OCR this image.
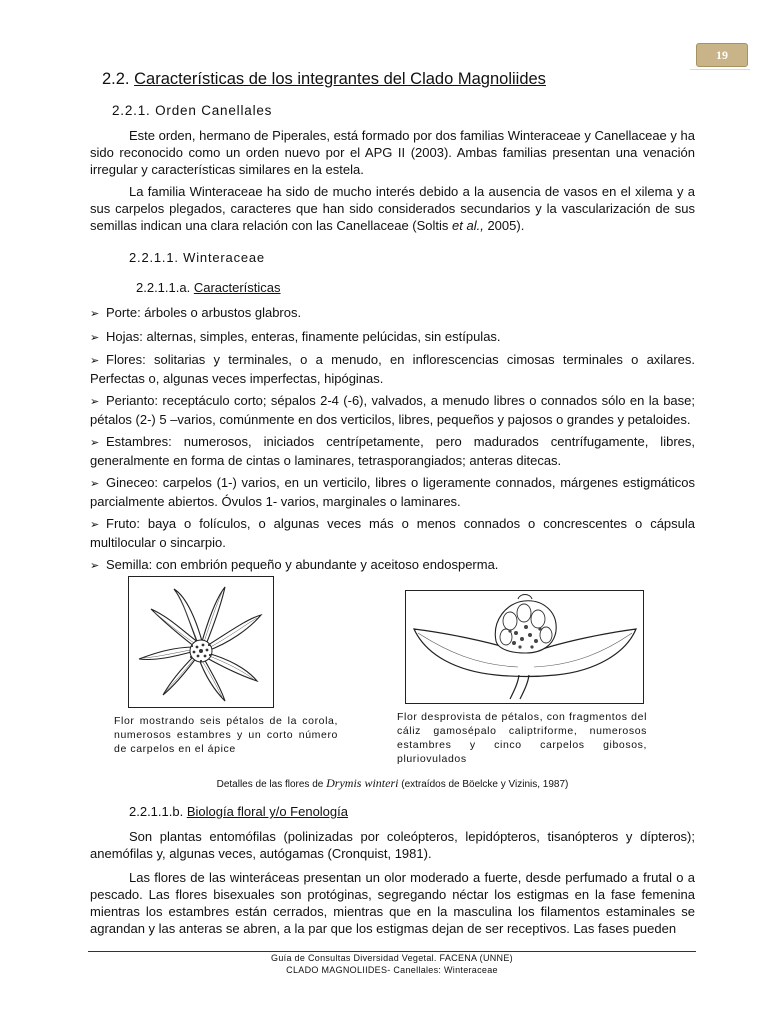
19
2.2. Características de los integrantes del Clado Magnoliides
2.2.1. Orden Canellales

Este orden, hermano de Piperales, está formado por dos familias Winteraceae y Canellaceae y ha sido reconocido como un orden nuevo por el APG II (2003). Ambas familias presentan una venación irregular y características similares en la estela.

La familia Winteraceae ha sido de mucho interés debido a la ausencia de vasos en el xilema y a sus carpelos plegados, caracteres que han sido considerados secundarios y la vascularización de sus semillas indican una clara relación con las Canellaceae (Soltis et al., 2005).

2.2.1.1. Winteraceae
2.2.1.1.a. Características

➢ Porte: árboles o arbustos glabros.

➢ Hojas: alternas, simples, enteras, finamente pelúcidas, sin estípulas.

➢ Flores: solitarias y terminales, o a menudo, en inflorescencias cimosas terminales o axilares. Perfectas o, algunas veces imperfectas, hipóginas.

➢ Perianto: receptáculo corto; sépalos 2-4 (-6), valvados, a menudo libres o connados sólo en la base; pétalos (2-) 5 –varios, comúnmente en dos verticilos, libres, pequeños y pajosos o grandes y petaloides.

➢ Estambres: numerosos, iniciados centrípetamente, pero madurados centrífugamente, libres, generalmente en forma de cintas o laminares, tetrasporangiados; anteras ditecas.

➢ Gineceo: carpelos (1-) varios, en un verticilo, libres o ligeramente connados, márgenes estigmáticos parcialmente abiertos. Óvulos 1- varios, marginales o laminares.

➢ Fruto: baya o folículos, o algunas veces más o menos connados o concrescentes o cápsula multilocular o sincarpio.

➢ Semilla: con embrión pequeño y abundante y aceitoso endosperma.

Flor mostrando seis pétalos de la corola, numerosos estambres y un corto número de carpelos en el ápice

Flor desprovista de pétalos, con fragmentos del cáliz gamosépalo caliptriforme, numerosos estambres y cinco carpelos gibosos, pluriovulados

Detalles de las flores de Drymis winteri (extraídos de Böelcke y Vizinis, 1987)
2.2.1.1.b. Biología floral y/o Fenología

Son plantas entomófilas (polinizadas por coleópteros, lepidópteros, tisanópteros y dípteros); anemófilas y, algunas veces, autógamas (Cronquist, 1981).

Las flores de las winteráceas presentan un olor moderado a fuerte, desde perfumado a frutal o a pescado. Las flores bisexuales son protóginas, segregando néctar los estigmas en la fase femenina mientras los estambres están cerrados, mientras que en la masculina los filamentos estaminales se agrandan y las anteras se abren, a la par que los estigmas dejan de ser receptivos. Las fases pueden

Guía de Consultas Diversidad Vegetal. FACENA (UNNE)
CLADO MAGNOLIIDES- Canellales: Winteraceae
